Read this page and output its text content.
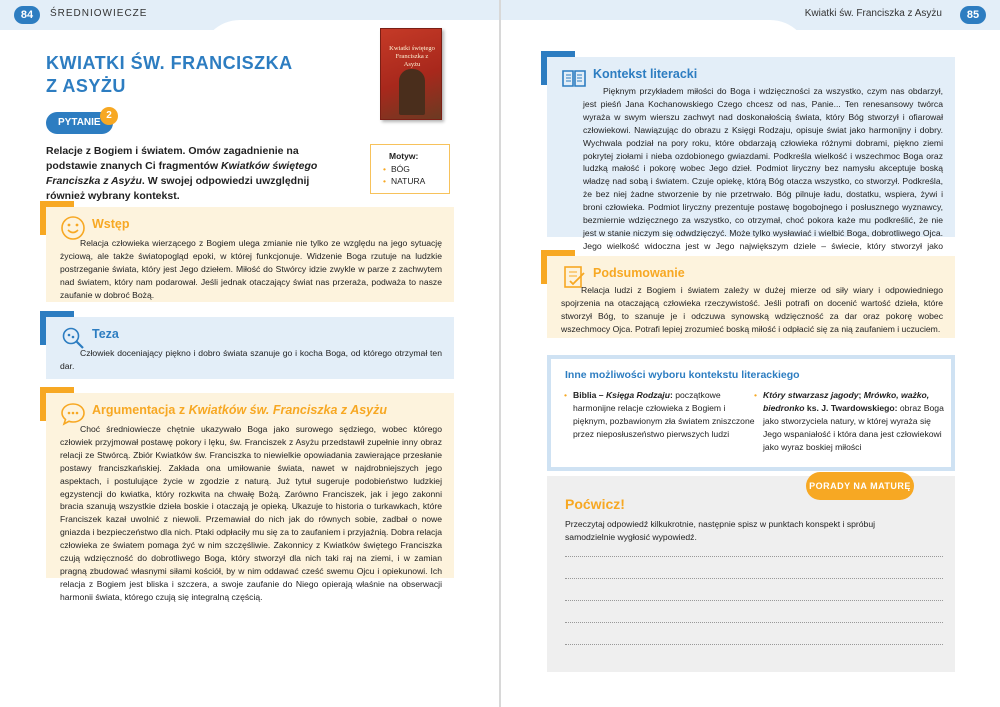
84	ŚREDNIOWIECZE
KWIATKI ŚW. FRANCISZKA
Z ASYŻU
Kwiatki świętego Franciszka z Asyżu
PYTANIE
2
Relacje z Bogiem i światem. Omów zagadnienie na podstawie znanych Ci fragmentów Kwiatków świętego Franciszka z Asyżu. W swojej odpowiedzi uwzględnij również wybrany kontekst.
Motyw:
• BÓG
• NATURA
Wstęp
Relacja człowieka wierzącego z Bogiem ulega zmianie nie tylko ze względu na jego sytuację życiową, ale także światopogląd epoki, w której funkcjonuje. Widzenie Boga rzutuje na ludzkie postrzeganie świata, który jest Jego dziełem. Miłość do Stwórcy idzie zwykle w parze z zachwytem nad światem, który nam podarował. Jeśli jednak otaczający świat nas przeraża, podważa to nasze zaufanie w dobroć Bożą.
Teza
Człowiek doceniający piękno i dobro świata szanuje go i kocha Boga, od którego otrzymał ten dar.
Argumentacja z Kwiatków św. Franciszka z Asyżu
Choć średniowiecze chętnie ukazywało Boga jako surowego sędziego, wobec którego człowiek przyjmował postawę pokory i lęku, św. Franciszek z Asyżu przedstawił zupełnie inny obraz relacji ze Stwórcą. Zbiór Kwiatków św. Franciszka to niewielkie opowiadania zawierające przesłanie postawy franciszkańskiej. Zakłada ona umiłowanie świata, nawet w najdrobniejszych jego aspektach, i postulujące życie w zgodzie z naturą. Już tytuł sugeruje podobieństwo ludzkiej egzystencji do kwiatka, który rozkwita na chwałę Bożą. Zarówno Franciszek, jak i jego zakonni bracia szanują wszystkie dzieła boskie i otaczają je opieką. Ukazuje to historia o turkawkach, które Franciszek kazał uwolnić z niewoli. Przemawiał do nich jak do równych sobie, zadbał o nowe gniazda i bezpieczeństwo dla nich. Ptaki odpłaciły mu się za to zaufaniem i przyjaźnią. Dobra relacja człowieka ze światem pomaga żyć w nim szczęśliwie. Zakonnicy z Kwiatków świętego Franciszka czują wdzięczność do dobrotliwego Boga, który stworzył dla nich taki raj na ziemi, i w zamian pragną zbudować własnymi siłami kościół, by w nim oddawać cześć swemu Ojcu i opiekunowi. Ich relacja z Bogiem jest bliska i szczera, a swoje zaufanie do Niego opierają właśnie na obserwacji harmonii świata, którego czują się integralną częścią.
Kwiatki św. Franciszka z Asyżu	85
Kontekst literacki
Pięknym przykładem miłości do Boga i wdzięczności za wszystko, czym nas obdarzył, jest pieśń Jana Kochanowskiego Czego chcesz od nas, Panie... Ten renesansowy twórca wyraża w swym wierszu zachwyt nad doskonałością świata, który Bóg stworzył i ofiarował człowiekowi. Nawiązując do obrazu z Księgi Rodzaju, opisuje świat jako harmonijny i dobry. Wychwala podział na pory roku, które obdarzają człowieka różnymi dobrami, piękno ziemi pokrytej ziołami i nieba ozdobionego gwiazdami. Podkreśla wielkość i wszechmoc Boga oraz ludzką małość i pokorę wobec Jego dzieł. Podmiot liryczny bez namysłu akceptuje boską władzę nad sobą i światem. Czuje opiekę, którą Bóg otacza wszystko, co stworzył. Podkreśla, że bez niej żadne stworzenie by nie przetrwało. Bóg pilnuje ładu, dostatku, wspiera, żywi i broni człowieka. Podmiot liryczny prezentuje postawę bogobojnego i posłusznego wyznawcy, bezmiernie wdzięcznego za wszystko, co otrzymał, choć pokora każe mu podkreślić, że nie jest w stanie niczym się odwdzięczyć. Może tylko wysławiać i wielbić Boga, dobrotliwego Ojca. Jego wielkość widoczna jest w Jego największym dziele – świecie, który stworzył jako
Podsumowanie
Relacja ludzi z Bogiem i światem zależy w dużej mierze od siły wiary i odpowiedniego spojrzenia na otaczającą człowieka rzeczywistość. Jeśli potrafi on docenić wartość dzieła, które stworzył Bóg, to szanuje je i odczuwa synowską wdzięczność za dar oraz pokorę wobec wszechmocy Ojca. Potrafi lepiej zrozumieć boską miłość i odpłacić się za nią zaufaniem i uczuciem.
Inne możliwości wyboru kontekstu literackiego
• Biblia – Księga Rodzaju: początkowe harmonijne relacje człowieka z Bogiem i pięknym, pozbawionym zła światem zniszczone przez nieposłuszeństwo pierwszych ludzi
• Który stwarzasz jagody; Mrówko, ważko, biedronko ks. J. Twardowskiego: obraz Boga jako stworzyciela natury, w której wyraża się Jego wspaniałość i która dana jest człowiekowi jako wyraz boskiej miłości
Poćwicz!
Przeczytaj odpowiedź kilkukrotnie, następnie spisz w punktach konspekt i spróbuj samodzielnie wygłosić wypowiedź.
PORADY NA MATURĘ
